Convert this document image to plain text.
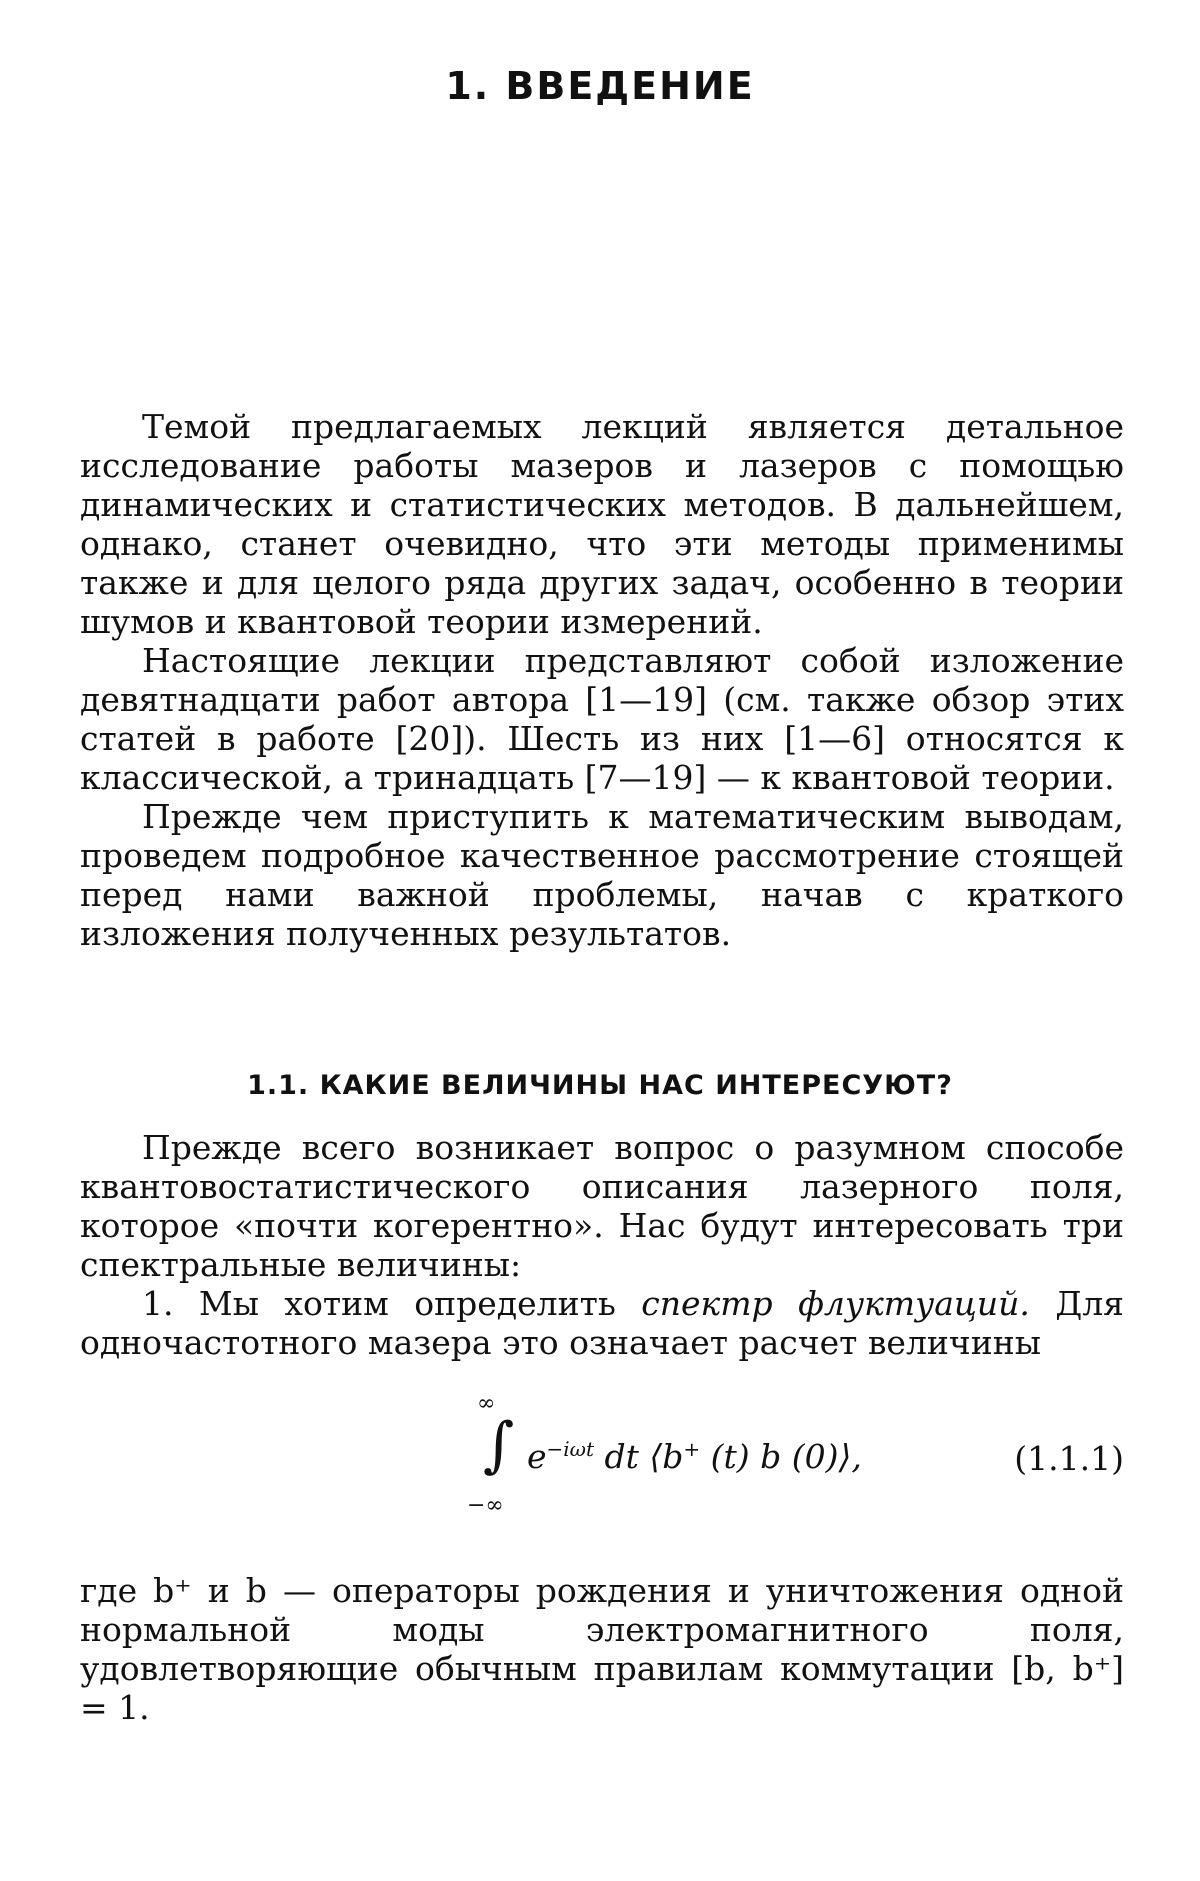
1. ВВЕДЕНИЕ

Темой предлагаемых лекций является детальное исследование работы мазеров и лазеров с помощью динамических и статистических методов. В дальнейшем, однако, станет очевидно, что эти методы применимы также и для целого ряда других задач, особенно в теории шумов и квантовой теории измерений.

Настоящие лекции представляют собой изложение девятнадцати работ автора [1—19] (см. также обзор этих статей в работе [20]). Шесть из них [1—6] относятся к классической, а тринадцать [7—19] — к квантовой теории.

Прежде чем приступить к математическим выводам, проведем подробное качественное рассмотрение стоящей перед нами важной проблемы, начав с краткого изложения полученных результатов.

1.1. КАКИЕ ВЕЛИЧИНЫ НАС ИНТЕРЕСУЮТ?

Прежде всего возникает вопрос о разумном способе квантовостатистического описания лазерного поля, которое «почти когерентно». Нас будут интересовать три спектральные величины:

1. Мы хотим определить спектр флуктуаций. Для одночастотного мазера это означает расчет величины

∞
∫
−∞
$e^{-i\omega t}$ dt ⟨b+ (t) b (0)⟩,	(1.1.1)

где b⁺ и b — операторы рождения и уничтожения одной нормальной моды электромагнитного поля, удовлетворяющие обычным правилам коммутации [b, b⁺] = 1.
